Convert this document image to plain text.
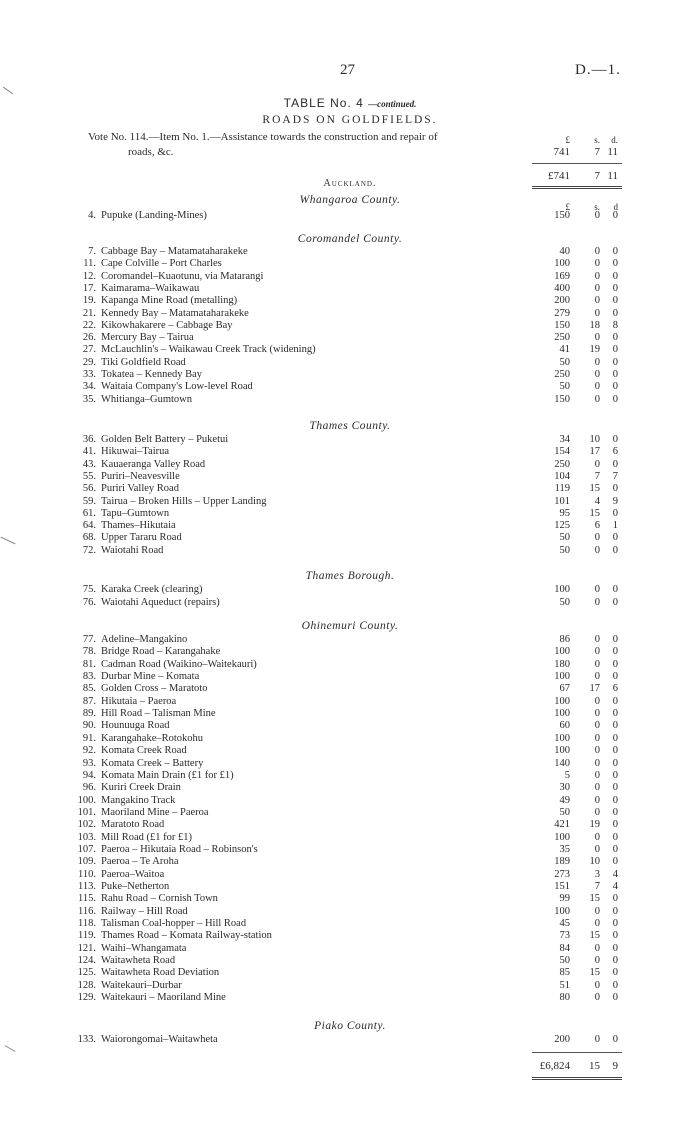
27	D.—1.
TABLE No. 4 —continued.
ROADS ON GOLDFIELDS.
Vote No. 114.—Item No. 1.—Assistance towards the construction and repair of
roads, &c.
£	s.	d.
741	7 11
£741	7 11
Auckland.
Whangaroa County.
£	s.	d
4. Pupuke (Landing-Mines)	150	0	0
Coromandel County.
7. Cabbage Bay – Matamataharakeke	40	0	0
11. Cape Colville – Port Charles	100	0	0
12. Coromandel–Kuaotunu, via Matarangi	169	0	0
17. Kaimarama–Waikawau	400	0	0
19. Kapanga Mine Road (metalling)	200	0	0
21. Kennedy Bay – Matamataharakeke	279	0	0
22. Kikowhakarere – Cabbage Bay	150	18	8
26. Mercury Bay – Tairua	250	0	0
27. McLauchlin's – Waikawau Creek Track (widening)	41	19	0
29. Tiki Goldfield Road	50	0	0
33. Tokatea – Kennedy Bay	250	0	0
34. Waitaia Company's Low-level Road	50	0	0
35. Whitianga–Gumtown	150	0	0
Thames County.
36. Golden Belt Battery – Puketui	34	10	0
41. Hikuwai–Tairua	154	17	6
43. Kauaeranga Valley Road	250	0	0
55. Puriri–Neavesville	104	7	7
56. Puriri Valley Road	119	15	0
59. Tairua – Broken Hills – Upper Landing	101	4	9
61. Tapu–Gumtown	95	15	0
64. Thames–Hikutaia	125	6	1
68. Upper Tararu Road	50	0	0
72. Waiotahi Road	50	0	0
Thames Borough.
75. Karaka Creek (clearing)	100	0	0
76. Waiotahi Aqueduct (repairs)	50	0	0
Ohinemuri County.
77. Adeline–Mangakino	86	0	0
78. Bridge Road – Karangahake	100	0	0
81. Cadman Road (Waikino–Waitekauri)	180	0	0
83. Durbar Mine – Komata	100	0	0
85. Golden Cross – Maratoto	67	17	6
87. Hikutaia – Paeroa	100	0	0
89. Hill Road – Talisman Mine	100	0	0
90. Hounuuga Road	60	0	0
91. Karangahake–Rotokohu	100	0	0
92. Komata Creek Road	100	0	0
93. Komata Creek – Battery	140	0	0
94. Komata Main Drain (£1 for £1)	5	0	0
96. Kuriri Creek Drain	30	0	0
100. Mangakino Track	49	0	0
101. Maoriland Mine – Paeroa	50	0	0
102. Maratoto Road	421	19	0
103. Mill Road (£1 for £1)	100	0	0
107. Paeroa – Hikutaia Road – Robinson's	35	0	0
109. Paeroa – Te Aroha	189	10	0
110. Paeroa–Waitoa	273	3	4
113. Puke–Netherton	151	7	4
115. Rahu Road – Cornish Town	99	15	0
116. Railway – Hill Road	100	0	0
118. Talisman Coal-hopper – Hill Road	45	0	0
119. Thames Road – Komata Railway-station	73	15	0
121. Waihi–Whangamata	84	0	0
124. Waitawheta Road	50	0	0
125. Waitawheta Road Deviation	85	15	0
128. Waitekauri–Durbar	51	0	0
129. Waitekauri – Maoriland Mine	80	0	0
Piako County.
133. Waiorongomai–Waitawheta	200	0	0
£6,824	15	9
